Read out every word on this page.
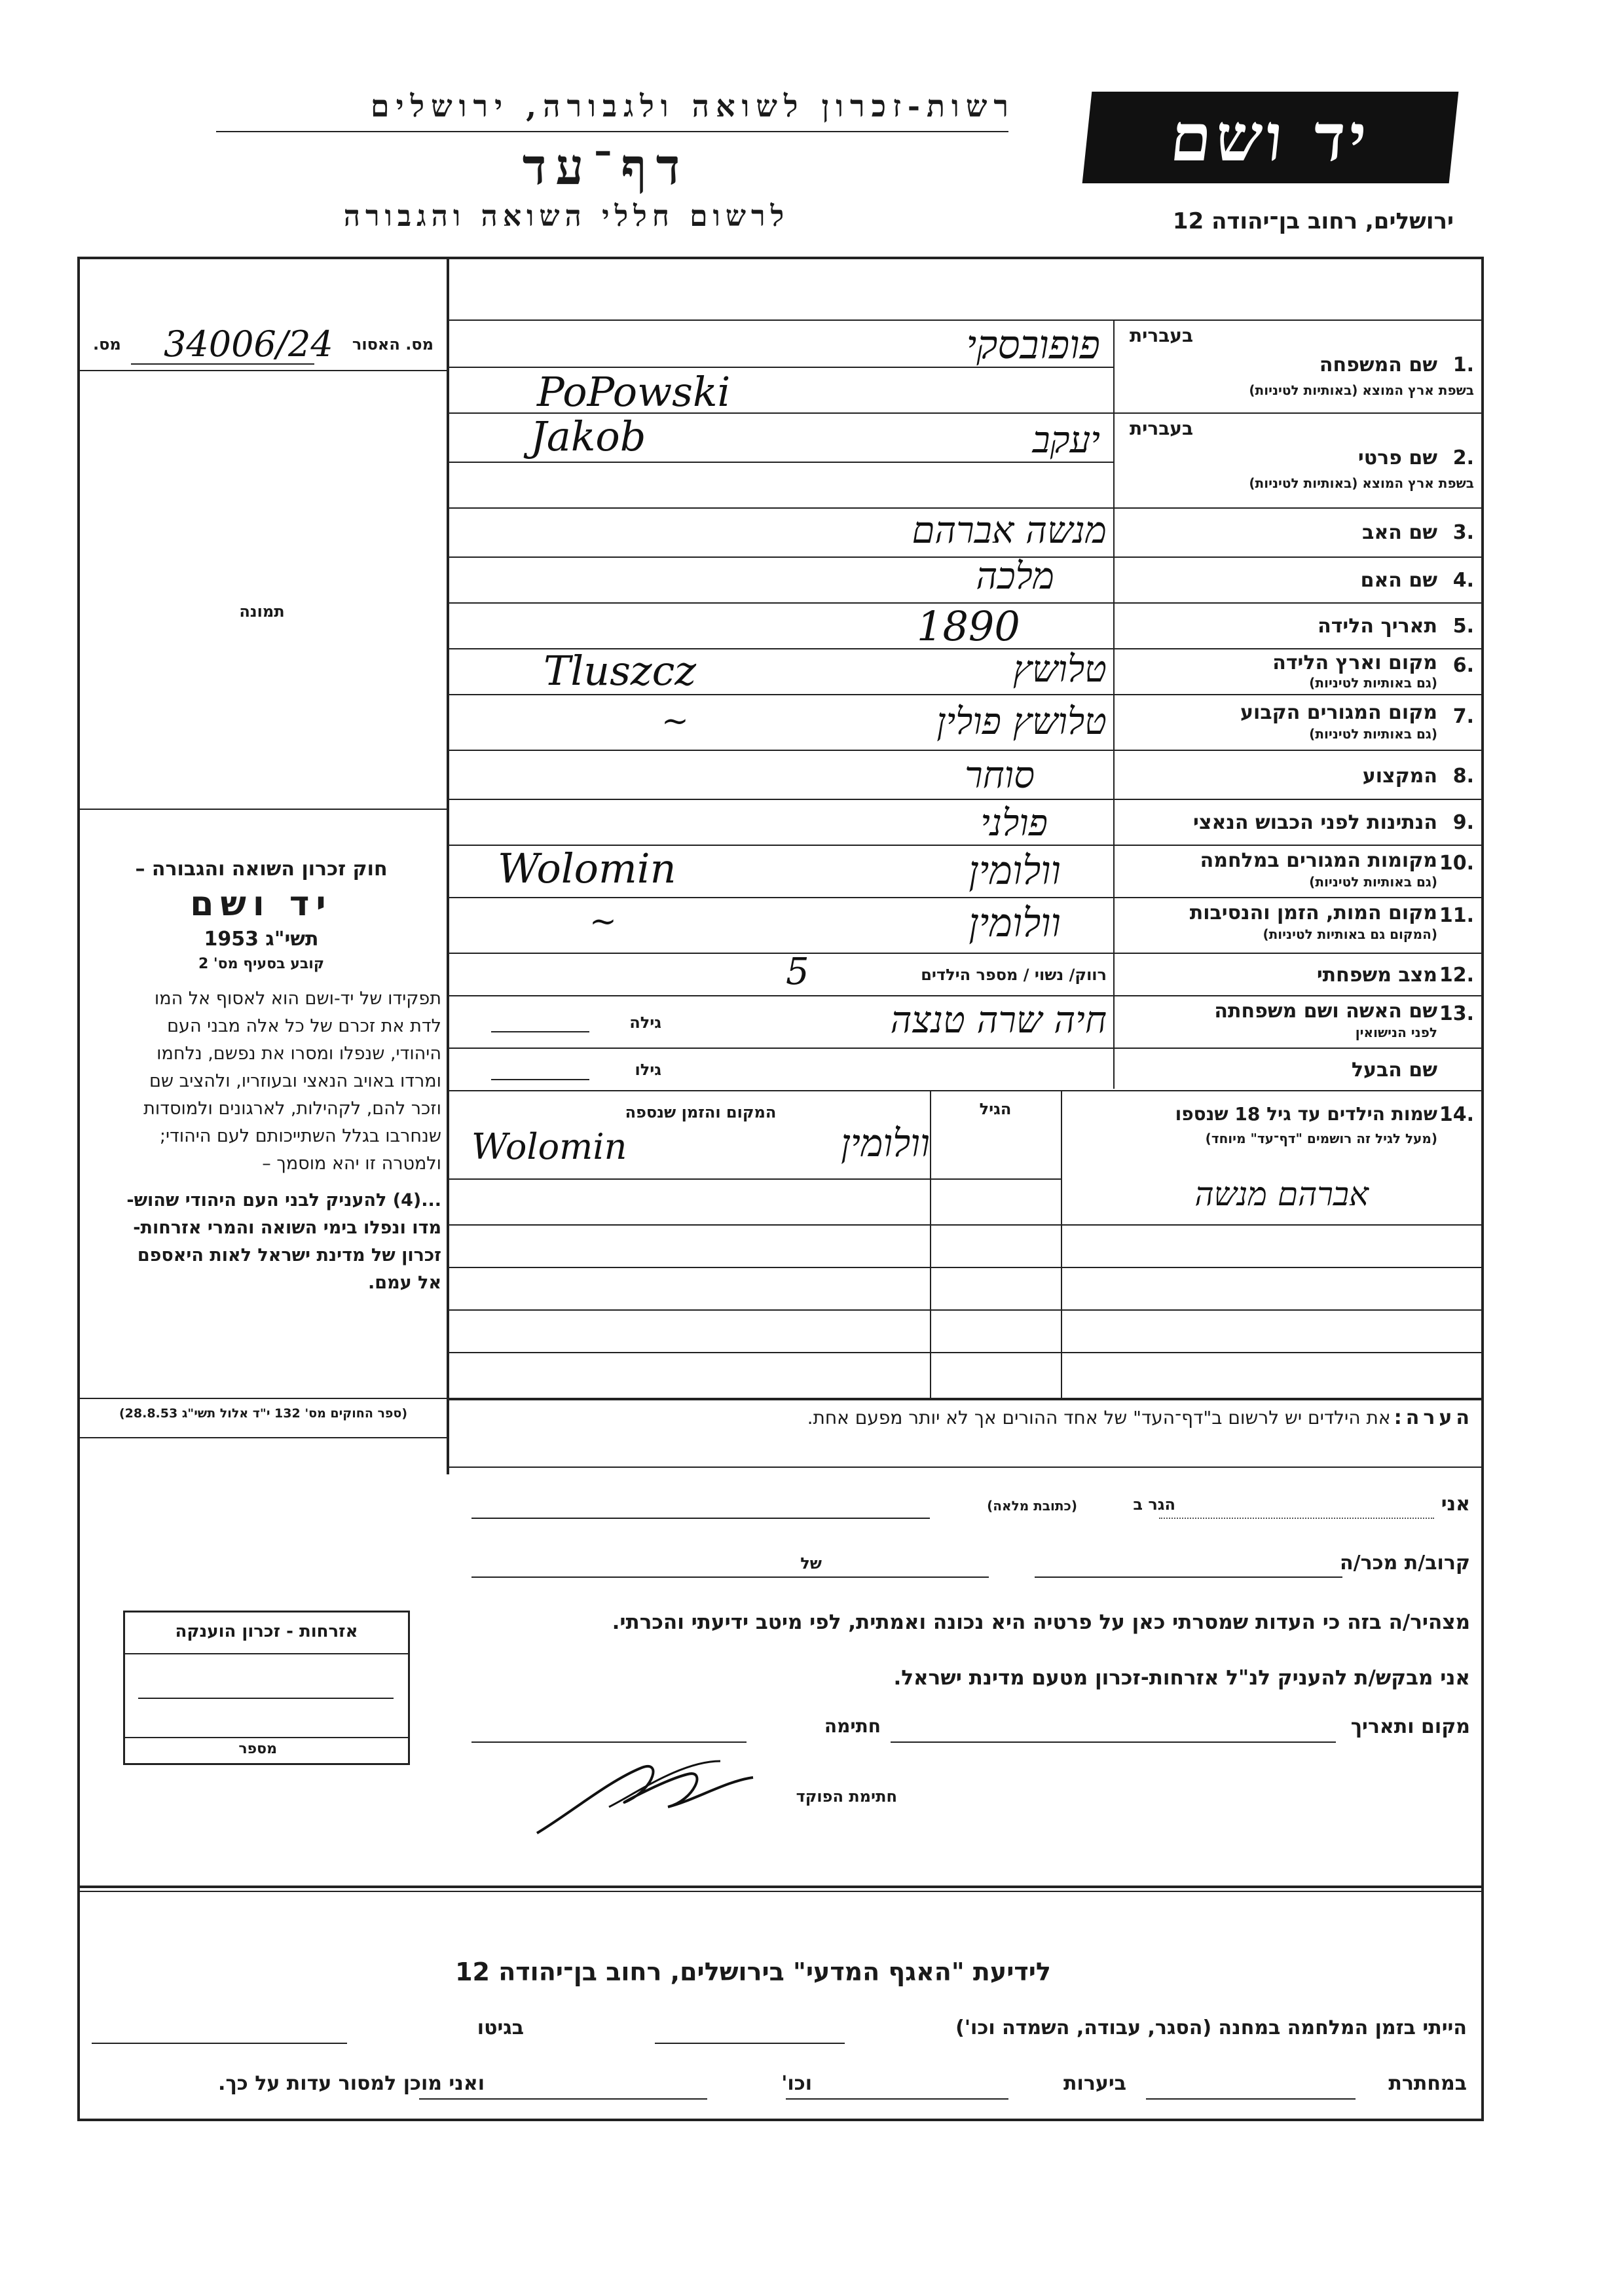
רשות-זכרון לשואה ולגבורה, ירושלים
דף־עד
לרשום חללי השואה והגבורה
יד ושם
ירושלים, רחוב בן־יהודה 12
מס. האסור
34006/24
מס.
תמונה
חוק זכרון השואה והגבורה –
יד ושם
תשי"ג 1953
קובע בסעיף מס' 2
תפקידו של יד-ושם הוא לאסוף אל המו
לדת את זכרם של כל אלה מבני העם
היהודי, שנפלו ומסרו את נפשם, נלחמו
ומרדו באויב הנאצי ובעוזריו, ולהציב שם
וזכר להם, לקהילות, לארגונים ולמוסדות
שנחרבו בגלל השתייכותם לעם היהודי;
ולמטרה זו יהא מוסמך –
...(4) להעניק לבני העם היהודי שהוש-
מדו ונפלו בימי השואה והמרי אזרחות-
זכרון של מדינת ישראל לאות היאספם
אל עמם.
(ספר החוקים מס' 132 י"ד אלול תשי"ג 28.8.53)
1.
שם המשפחה
בשפת ארץ המוצא (באותיות לטיניות)
בעברית
פופובסקי
PoPowski
2.
שם פרטי
בשפת ארץ המוצא (באותיות לטיניות)
בעברית
יעקב
Jakob
3.
שם האב
מנשה אברהם
4.
שם האם
מלכה
5.
תאריך הלידה
1890
6.
מקום וארץ הלידה
(גם באותיות לטיניות)
טלושץ
Tluszcz
7.
מקום המגורים הקבוע
(גם באותיות לטיניות)
טלושץ פולין
~
8.
המקצוע
סוחר
9.
הנתינות לפני הכבוש הנאצי
פולני
10.
מקומות המגורים במלחמה
(גם באותיות לטיניות)
וולומין
Wolomin
11.
מקום המות, הזמן והנסיבות
(המקום גם באותיות לטיניות)
וולומין
~
12.
מצב משפחתי
רווק/ נשוי / מספר הילדים
5
13.
שם האשה ושם משפחתה
לפני הנישואין
חיה שרה טנצה
גילה
שם הבעל
גילו
14.
שמות הילדים עד גיל 18 שנספו
(מעל לגיל זה רושמים "דף־עד" מיוחד)
הגיל
המקום והזמן שנספה
וולומין
Wolomin
אברהם מנשה
הערה: את הילדים יש לרשום ב"דף־העד" של אחד ההורים אך לא יותר מפעם אחת.
אני
הגר ב
(כתובת מלאה)
קרוב/ת מכר/ה
של
מצהיר/ה בזה כי העדות שמסרתי כאן על פרטיה היא נכונה ואמתית, לפי מיטב ידיעתי והכרתי.
אני מבקש/ת להעניק לנ"ל אזרחות-זכרון מטעם מדינת ישראל.
מקום ותאריך
חתימה
חתימת הפוקד
אזרחות - זכרון הוענקה
מספר
לידיעת "האגף המדעי" בירושלים, רחוב בן־יהודה 12
הייתי בזמן המלחמה במחנה (הסגר, עבודה, השמדה וכו')
בגיטו
במחתרת
ביערות
וכו'
ואני מוכן למסור עדות על כך.
